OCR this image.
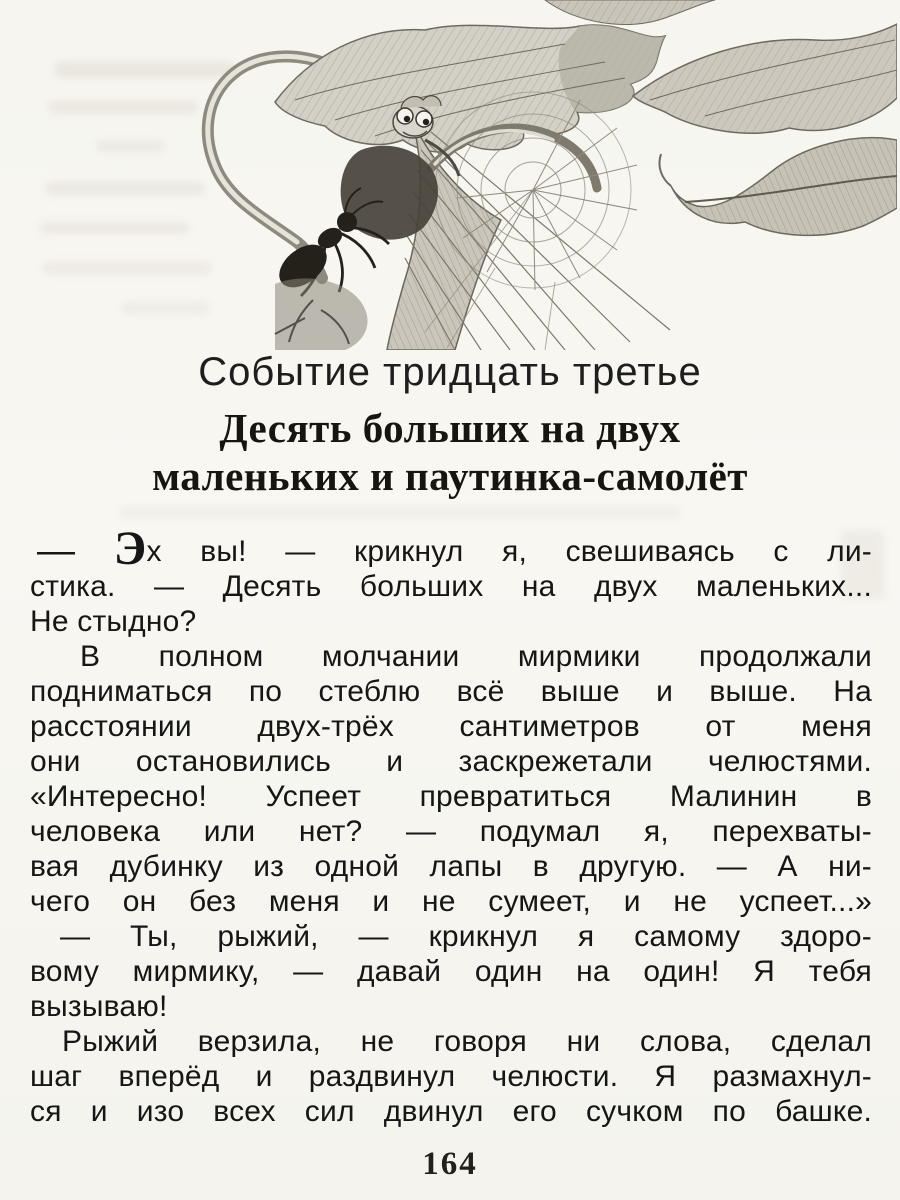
Событие тридцать третье
Десять больших на двух
маленьких и паутинка-самолёт
— Эх вы! — крикнул я, свешиваясь с ли-
стика. — Десять больших на двух маленьких...
Не стыдно?
В полном молчании мирмики продолжали
подниматься по стеблю всё выше и выше. На
расстоянии двух-трёх сантиметров от меня
они остановились и заскрежетали челюстями.
«Интересно! Успеет превратиться Малинин в
человека или нет? — подумал я, перехваты-
вая дубинку из одной лапы в другую. — А ни-
чего он без меня и не сумеет, и не успеет...»
— Ты, рыжий, — крикнул я самому здоро-
вому мирмику, — давай один на один! Я тебя
вызываю!
Рыжий верзила, не говоря ни слова, сделал
шаг вперёд и раздвинул челюсти. Я размахнул-
ся и изо всех сил двинул его сучком по башке.
164
